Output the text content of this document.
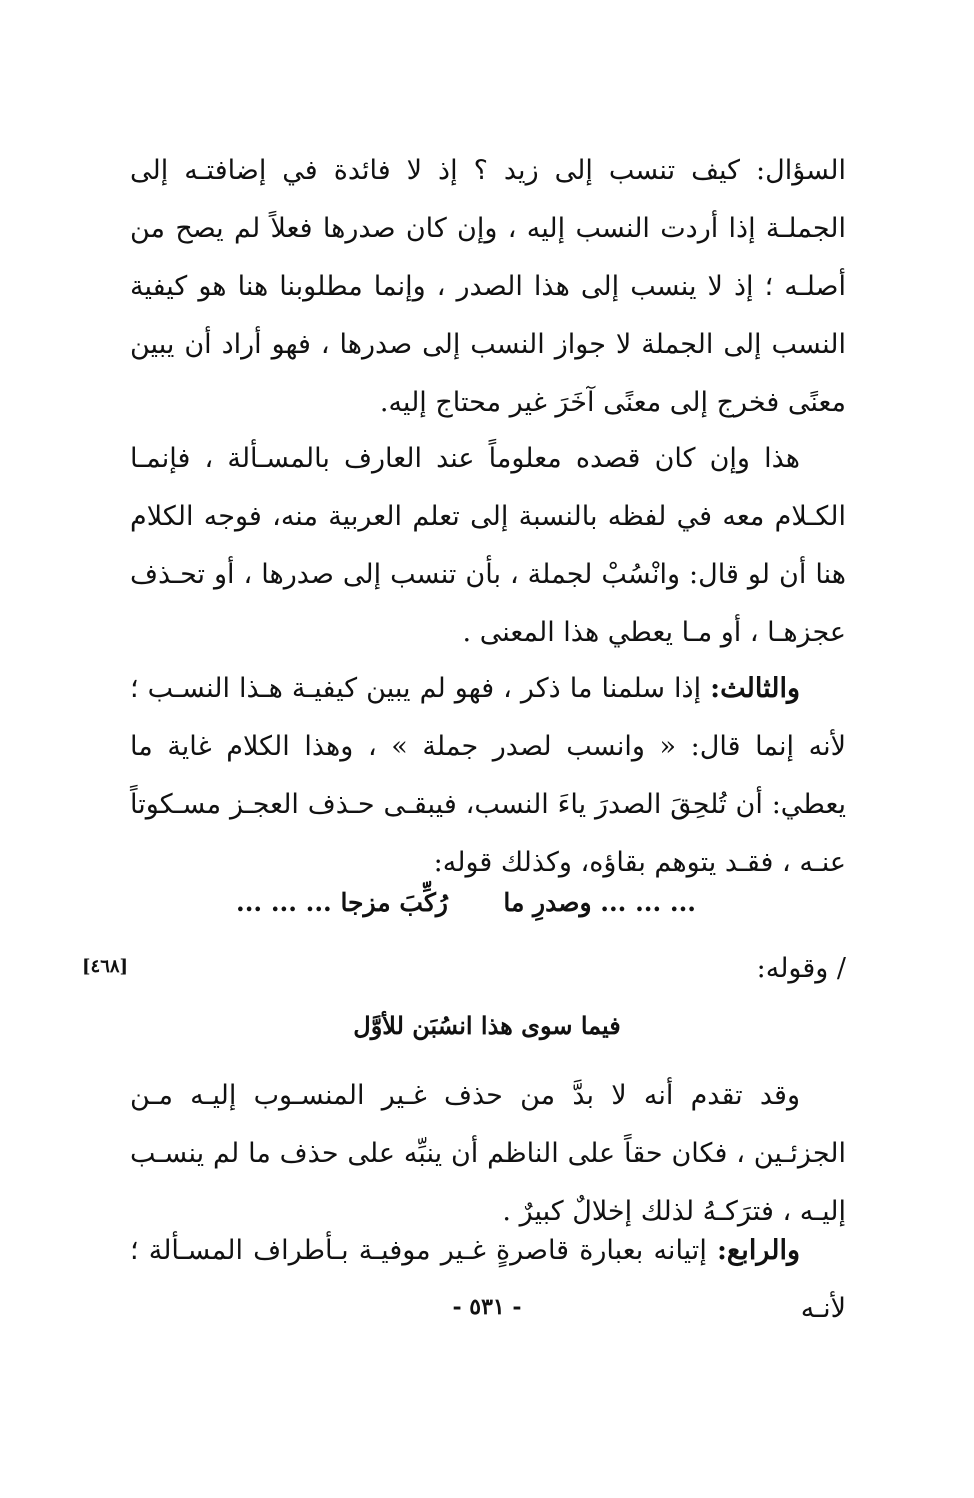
السؤال: كيف تنسب إلى زيد ؟ إذ لا فائدة في إضافتـه إلى الجملـة إذا أردت النسب إليه ، وإن كان صدرها فعلاً لم يصح من أصلـه ؛ إذ لا ينسب إلى هذا الصدر ، وإنما مطلوبنا هنا هو كيفية النسب إلى الجملة لا جواز النسب إلى صدرها ، فهو أراد أن يبين معنًى فخرج إلى معنًى آخَرَ غير محتاج إليه.

هذا وإن كان قصده معلوماً عند العارف بالمسـألة ، فإنمـا الكـلام معه في لفظه بالنسبة إلى تعلم العربية منه، فوجه الكلام هنا أن لو قال: وانْسُبْ لجملة ، بأن تنسب إلى صدرها ، أو تحـذف عجزهـا ، أو مـا يعطي هذا المعنى .

والثالث: إذا سلمنا ما ذكر ، فهو لم يبين كيفيـة هـذا النسـب ؛ لأنه إنما قال: « وانسب لصدر جملة » ، وهذا الكلام غاية ما يعطي: أن تُلحِقَ الصدرَ ياءَ النسب، فيبقـى حـذف العجـز مسـكوتاً عنـه ، فقـد يتوهم بقاؤه، وكذلك قوله:

... ... ... وصدرِ ما
رُكِّبَ مزجا ... ... ...
/ وقوله:
[٤٦٨]
فيما سوى هذا انسُبَن للأوَّل

وقد تقدم أنه لا بدَّ من حذف غـير المنسـوب إليـه مـن الجزئـين ، فكان حقاً على الناظم أن ينبِّه على حذف ما لم ينسـب إليـه ، فترَكـهُ لذلك إخلالٌ كبيرٌ .

والرابع: إتيانه بعبارة قاصرةٍ غـير موفيـة بـأطراف المسـألة ؛ لأنـه

- ٥٣١ -
